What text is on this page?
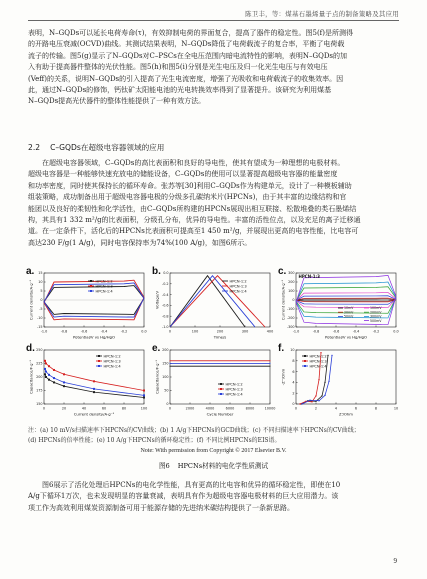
陈卫丰，等：煤基石墨烯量子点的制备策略及其应用
表明，N–GQDs可以延长电荷寿命(τ)，有效抑制电荷的界面复合，提高了器件的稳定性。图5(f)是所测得
的开路电压衰减(OCVD)曲线。其测试结果表明，N–GQDs降低了电荷载流子的复合率，平衡了电荷载
流子的传输。图5(g)显示了N–GQDs对C–PSCs在全电压范围内暗电流特性的影响，表明N–GQDs的加
入有助于提高器件整体的光伏性能。图5(h)和图5(i)分别是光生电压及归一化光生电压与有效电压
(Veff)的关系，说明N–GQDs的引入提高了光生电流密度，增强了光吸收和电荷载流子的收集效率。因
此，通过N–GQDs的修饰，钙钛矿太阳能电池的光电转换效率得到了显著提升。该研究为利用煤基
N–GQDs提高光伏器件的整体性能提供了一种有效方法。
2.2 C–GQDs在超级电容器领域的应用
在超级电容器领域，C–GQDs的高比表面积和良好的导电性，使其有望成为一种理想的电极材料。
超级电容器是一种能够快速充放电的储能设备，C–GQDs的使用可以显著提高超级电容器的能量密度
和功率密度，同时使其保持长的循环寿命。张苏等[30]利用C–GQDs作为构建单元，设计了一种模板辅助
组装策略，成功制备出用于超级电容器电极的分级多孔碳纳米片(HPCNs)，由于其丰富的边缘结构和官
能团以及良好的柔韧性和化学活性，由C–GQDs所构建的HPCNs展现出相互联接、松散堆叠的类石墨烯结
构，其具有1 332 m²/g的比表面积，分级孔分布，优异的导电性。丰富的活性位点，以及充足的离子迁移通
道。在一定条件下，活化后的HPCNs比表面积可提高至1 450 m²/g，并展现出更高的电容性能，比电容可
高达230 F/g(1 A/g)，同时电容保持率为74%(100 A/g)，如图6所示。
-1.0	-0.8	-0.6	-0.4	-0.2	0.0
-15
-10
-5
0
5
10
15
Potential/V vs Hg/HgO
Current density/A·g⁻¹	HPCN-1:2
HPCN-1:3
HPCN-1:4
a.
0	100	200	300	400
-1.0
-0.8
-0.6
-0.4
-0.2
0.0
Time/s
Voltage/V
HPCN-1:2
HPCN-1:3
HPCN-1:4
b.
-1.0	-0.8	-0.6	-0.4	-0.2	0.0
-300
-200
-100
0
100
200
300
Potential/V vs Hg/HgO
Current density/A·g⁻¹
HPCN-1:3
10mV
20mV
50mV
100mV
200mV
300mV
500mV
c.
0	20	40	60	80	100
150
175
200
225
250
Current density/A·g⁻¹
Capacitance/F·g⁻¹
HPCN-1:2
HPCN-1:3
HPCN-1:4
d.
0	2000	4000	6000	8000	10000
0
50
100
150
200
Cycle Number
Capacitance/F·g⁻¹	HPCN-1:2
HPCN-1:3
HPCN-1:4
e.
0	2	4	6	8	10
0
2
4
6
8
10
Z'/Ohm
-Z''/Ohm
HPCN-1:2
HPCN-1:3
HPCN-1:4
f.
注：(a) 10 mV/s扫描速率下HPCNs的CV曲线；(b) 1 A/g下HPCNs的GCD曲线；(c) 不同扫描速率下HPCNs的CV曲线；
(d) HPCNs的倍率性能；(e) 10 A/g下HPCNs的循环稳定性；(f) 不同比例HPCNs的EIS谱。
Note: With permission from Copyright © 2017 Elsevier B.V.
图6 HPCNs材料的电化学性质测试
图6展示了活化处理后HPCNs的电化学性能，具有更高的比电容和优异的循环稳定性，即使在10
A/g下循环1万次，也未发现明显的容量衰减，表明具有作为超级电容器电极材料的巨大应用潜力。该
项工作为高效利用煤炭资源制备可用于能源存储的先进纳米碳结构提供了一条新思路。
9
